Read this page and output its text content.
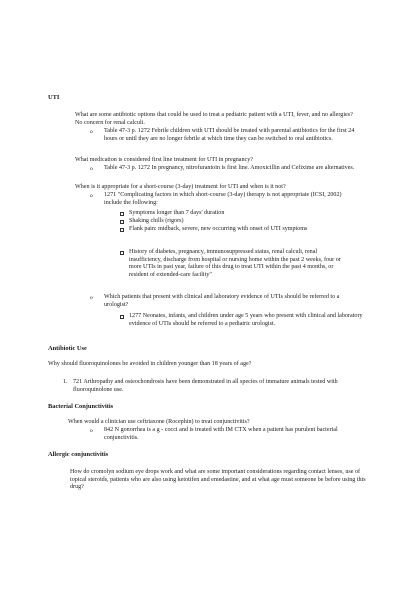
UTI

What are some antibiotic options that could be used to treat a pediatric patient with a UTI, fever, and no allergies? No concern for renal calculi.

o Table 47-3 p. 1272 Febrile children with UTI should be treated with parental antibiotics for the first 24 hours or until they are no longer febrile at which time they can be switched to oral antibiotics.

What medication is considered first line treatment for UTI in pregnancy?

o Table 47-3 p. 1272 In pregnancy, nitrofurantoin is first line. Amoxicillin and Cefixime are alternatives.

When is it appropriate for a short-course (3-day) treatment for UTI and when is it not?

o 1271 "Complicating factors in which short-course (3-day) therapy is not appropriate (ICSI, 2002) include the following:

Symptoms longer than 7 days' duration

Shaking chills (rigors)

Flank pain: midback, severe, new occurring with onset of UTI symptoms

History of diabetes, pregnancy, immunosuppressed status, renal calculi, renal insufficiency, discharge from hospital or nursing home within the past 2 weeks, four or more UTIs in past year, failure of this drug to treat UTI within the past 4 months, or resident of extended-care facility"

o Which patients that present with clinical and laboratory evidence of UTIs should be referred to a urologist?

1277 Neonates, infants, and children under age 5 years who present with clinical and laboratory evidence of UTIs should be referred to a pediatric urologist.

Antibiotic Use

Why should fluoroquinolones be avoided in children younger than 18 years of age?

1. 721 Arthropathy and osteochondrosis have been demonstrated in all species of immature animals tested with fluoroquinolone use.

Bacterial Conjunctivitis

When would a clinician use ceftriaxone (Rocephin) to treat conjunctivitis?

o 842 N gonorrhea is a g - cocci and is treated with IM CTX when a patient has purulent bacterial conjunctivitis.

Allergic conjunctivitis

How do cromolyn sodium eye drops work and what are some important considerations regarding contact lenses, use of topical steroids, patients who are also using ketotifen and emedastine, and at what age must someone be before using this drug?
